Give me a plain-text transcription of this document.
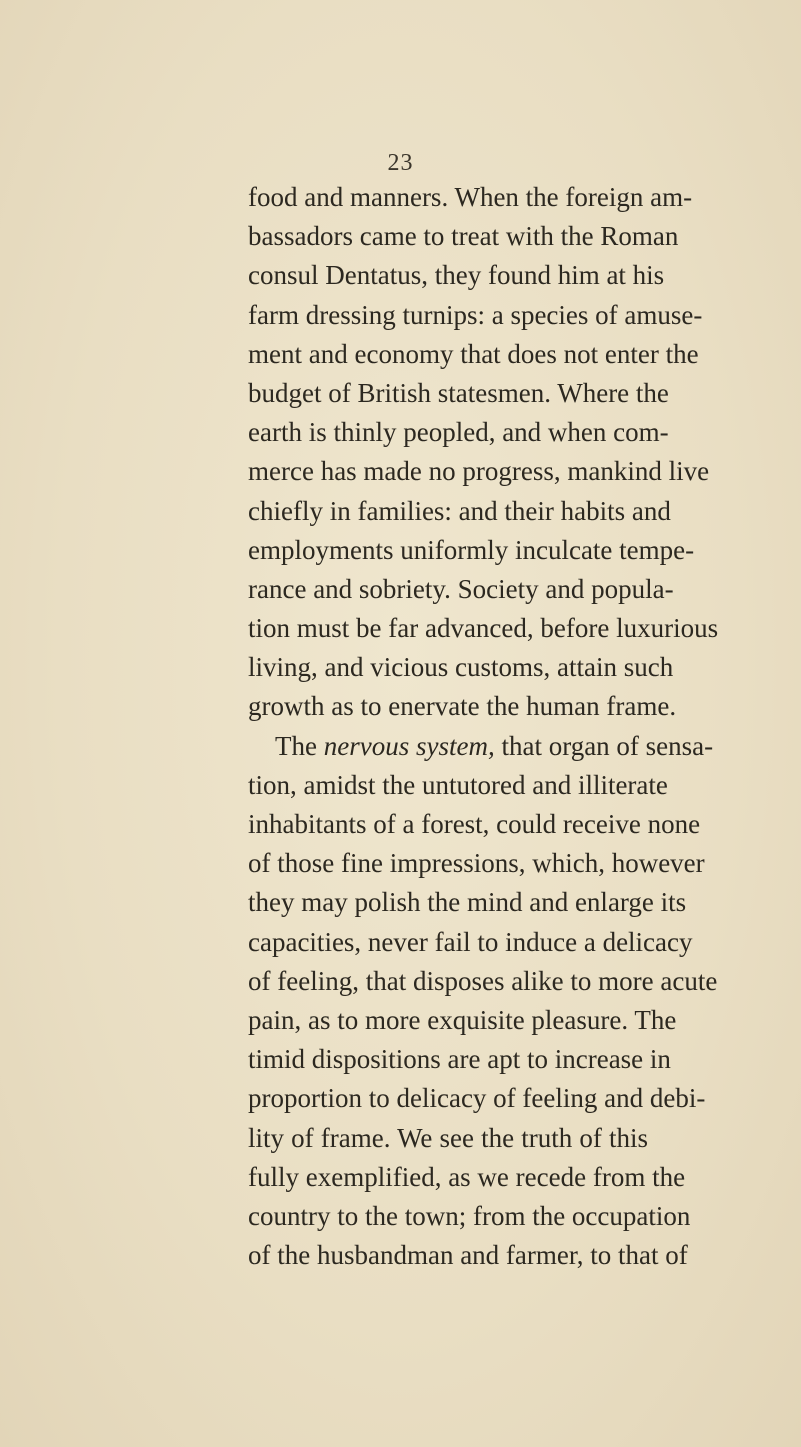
23
food and manners. When the foreign am-
bassadors came to treat with the Roman
consul Dentatus, they found him at his
farm dressing turnips: a species of amuse-
ment and economy that does not enter the
budget of British statesmen. Where the
earth is thinly peopled, and when com-
merce has made no progress, mankind live
chiefly in families: and their habits and
employments uniformly inculcate tempe-
rance and sobriety. Society and popula-
tion must be far advanced, before luxurious
living, and vicious customs, attain such
growth as to enervate the human frame.
The nervous system, that organ of sensa-
tion, amidst the untutored and illiterate
inhabitants of a forest, could receive none
of those fine impressions, which, however
they may polish the mind and enlarge its
capacities, never fail to induce a delicacy
of feeling, that disposes alike to more acute
pain, as to more exquisite pleasure. The
timid dispositions are apt to increase in
proportion to delicacy of feeling and debi-
lity of frame. We see the truth of this
fully exemplified, as we recede from the
country to the town; from the occupation
of the husbandman and farmer, to that of
